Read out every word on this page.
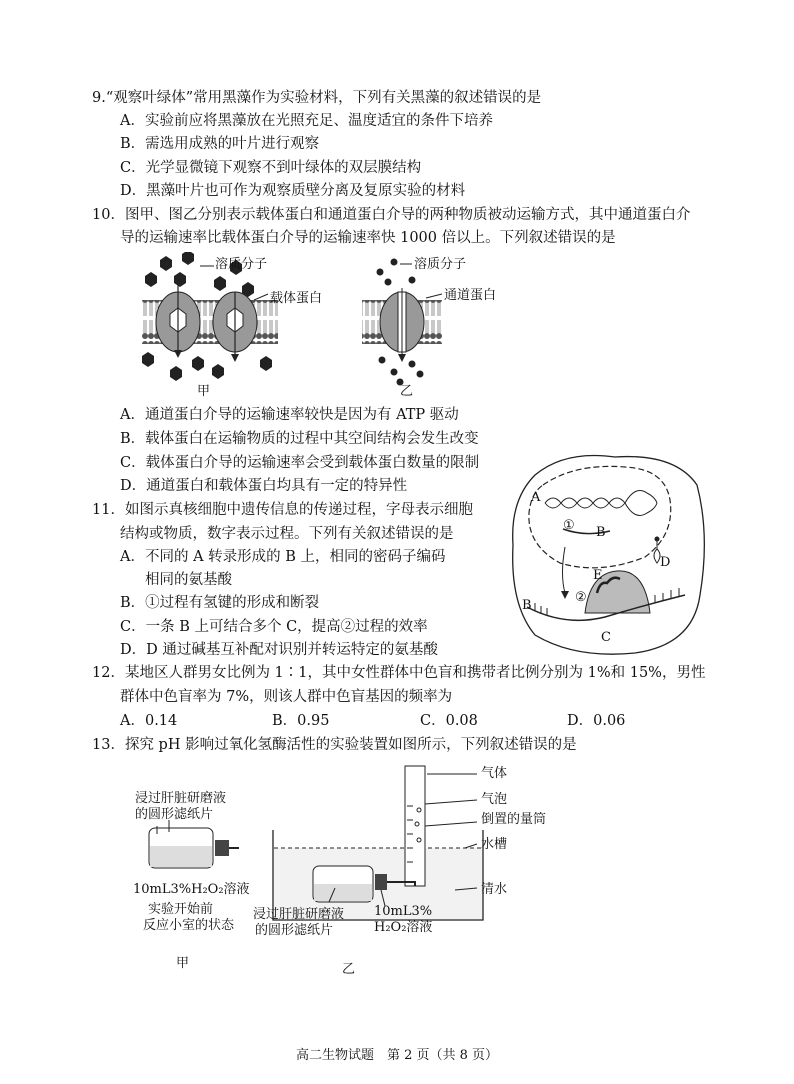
9.“观察叶绿体”常用黑藻作为实验材料，下列有关黑藻的叙述错误的是
A．实验前应将黑藻放在光照充足、温度适宜的条件下培养
B．需选用成熟的叶片进行观察
C．光学显微镜下观察不到叶绿体的双层膜结构
D．黑藻叶片也可作为观察质壁分离及复原实验的材料
10．图甲、图乙分别表示载体蛋白和通道蛋白介导的两种物质被动运输方式，其中通道蛋白介
导的运输速率比载体蛋白介导的运输速率快 1000 倍以上。下列叙述错误的是
溶质分子
载体蛋白
甲
溶质分子
通道蛋白
乙
A．通道蛋白介导的运输速率较快是因为有 ATP 驱动
B．载体蛋白在运输物质的过程中其空间结构会发生改变
C．载体蛋白介导的运输速率会受到载体蛋白数量的限制
D．通道蛋白和载体蛋白均具有一定的特异性
11．如图示真核细胞中遗传信息的传递过程，字母表示细胞
结构或物质，数字表示过程。下列有关叙述错误的是
A．不同的 A 转录形成的 B 上，相同的密码子编码
相同的氨基酸
B．①过程有氢键的形成和断裂
C．一条 B 上可结合多个 C，提高②过程的效率
D．D 通过碱基互补配对识别并转运特定的氨基酸
A
① B
D
E
②
B
C
12．某地区人群男女比例为 1∶1，其中女性群体中色盲和携带者比例分别为 1%和 15%，男性
群体中色盲率为 7%，则该人群中色盲基因的频率为
A．0.14	B．0.95	C．0.08	D．0.06
13．探究 pH 影响过氧化氢酶活性的实验装置如图所示，下列叙述错误的是
浸过肝脏研磨液
的圆形滤纸片
10mL3%H₂O₂溶液
实验开始前
反应小室的状态
甲
气体
气泡
倒置的量筒
水槽
清水
浸过肝脏研磨液
的圆形滤纸片
10mL3%
H₂O₂溶液
乙
高二生物试题　第 2 页（共 8 页）
